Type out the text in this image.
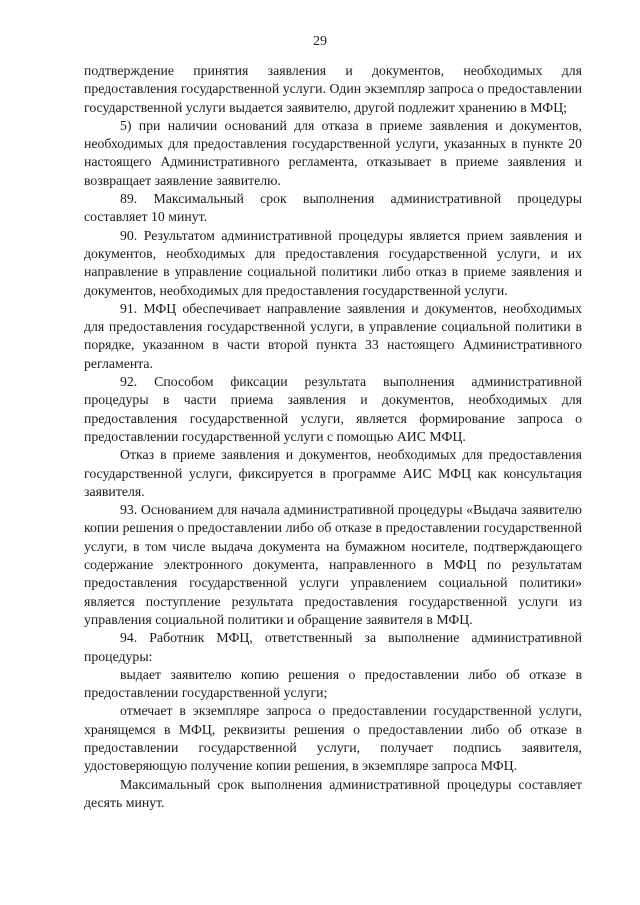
29

подтверждение принятия заявления и документов, необходимых для предоставления государственной услуги. Один экземпляр запроса о предоставлении государственной услуги выдается заявителю, другой подлежит хранению в МФЦ;

5) при наличии оснований для отказа в приеме заявления и документов, необходимых для предоставления государственной услуги, указанных в пункте 20 настоящего Административного регламента, отказывает в приеме заявления и возвращает заявление заявителю.

89. Максимальный срок выполнения административной процедуры составляет 10 минут.

90. Результатом административной процедуры является прием заявления и документов, необходимых для предоставления государственной услуги, и их направление в управление социальной политики либо отказ в приеме заявления и документов, необходимых для предоставления государственной услуги.

91. МФЦ обеспечивает направление заявления и документов, необходимых для предоставления государственной услуги, в управление социальной политики в порядке, указанном в части второй пункта 33 настоящего Административного регламента.

92. Способом фиксации результата выполнения административной процедуры в части приема заявления и документов, необходимых для предоставления государственной услуги, является формирование запроса о предоставлении государственной услуги с помощью АИС МФЦ.

Отказ в приеме заявления и документов, необходимых для предоставления государственной услуги, фиксируется в программе АИС МФЦ как консультация заявителя.

93. Основанием для начала административной процедуры «Выдача заявителю копии решения о предоставлении либо об отказе в предоставлении государственной услуги, в том числе выдача документа на бумажном носителе, подтверждающего содержание электронного документа, направленного в МФЦ по результатам предоставления государственной услуги управлением социальной политики» является поступление результата предоставления государственной услуги из управления социальной политики и обращение заявителя в МФЦ.

94. Работник МФЦ, ответственный за выполнение административной процедуры:

выдает заявителю копию решения о предоставлении либо об отказе в предоставлении государственной услуги;

отмечает в экземпляре запроса о предоставлении государственной услуги, хранящемся в МФЦ, реквизиты решения о предоставлении либо об отказе в предоставлении государственной услуги, получает подпись заявителя, удостоверяющую получение копии решения, в экземпляре запроса МФЦ.

Максимальный срок выполнения административной процедуры составляет десять минут.
